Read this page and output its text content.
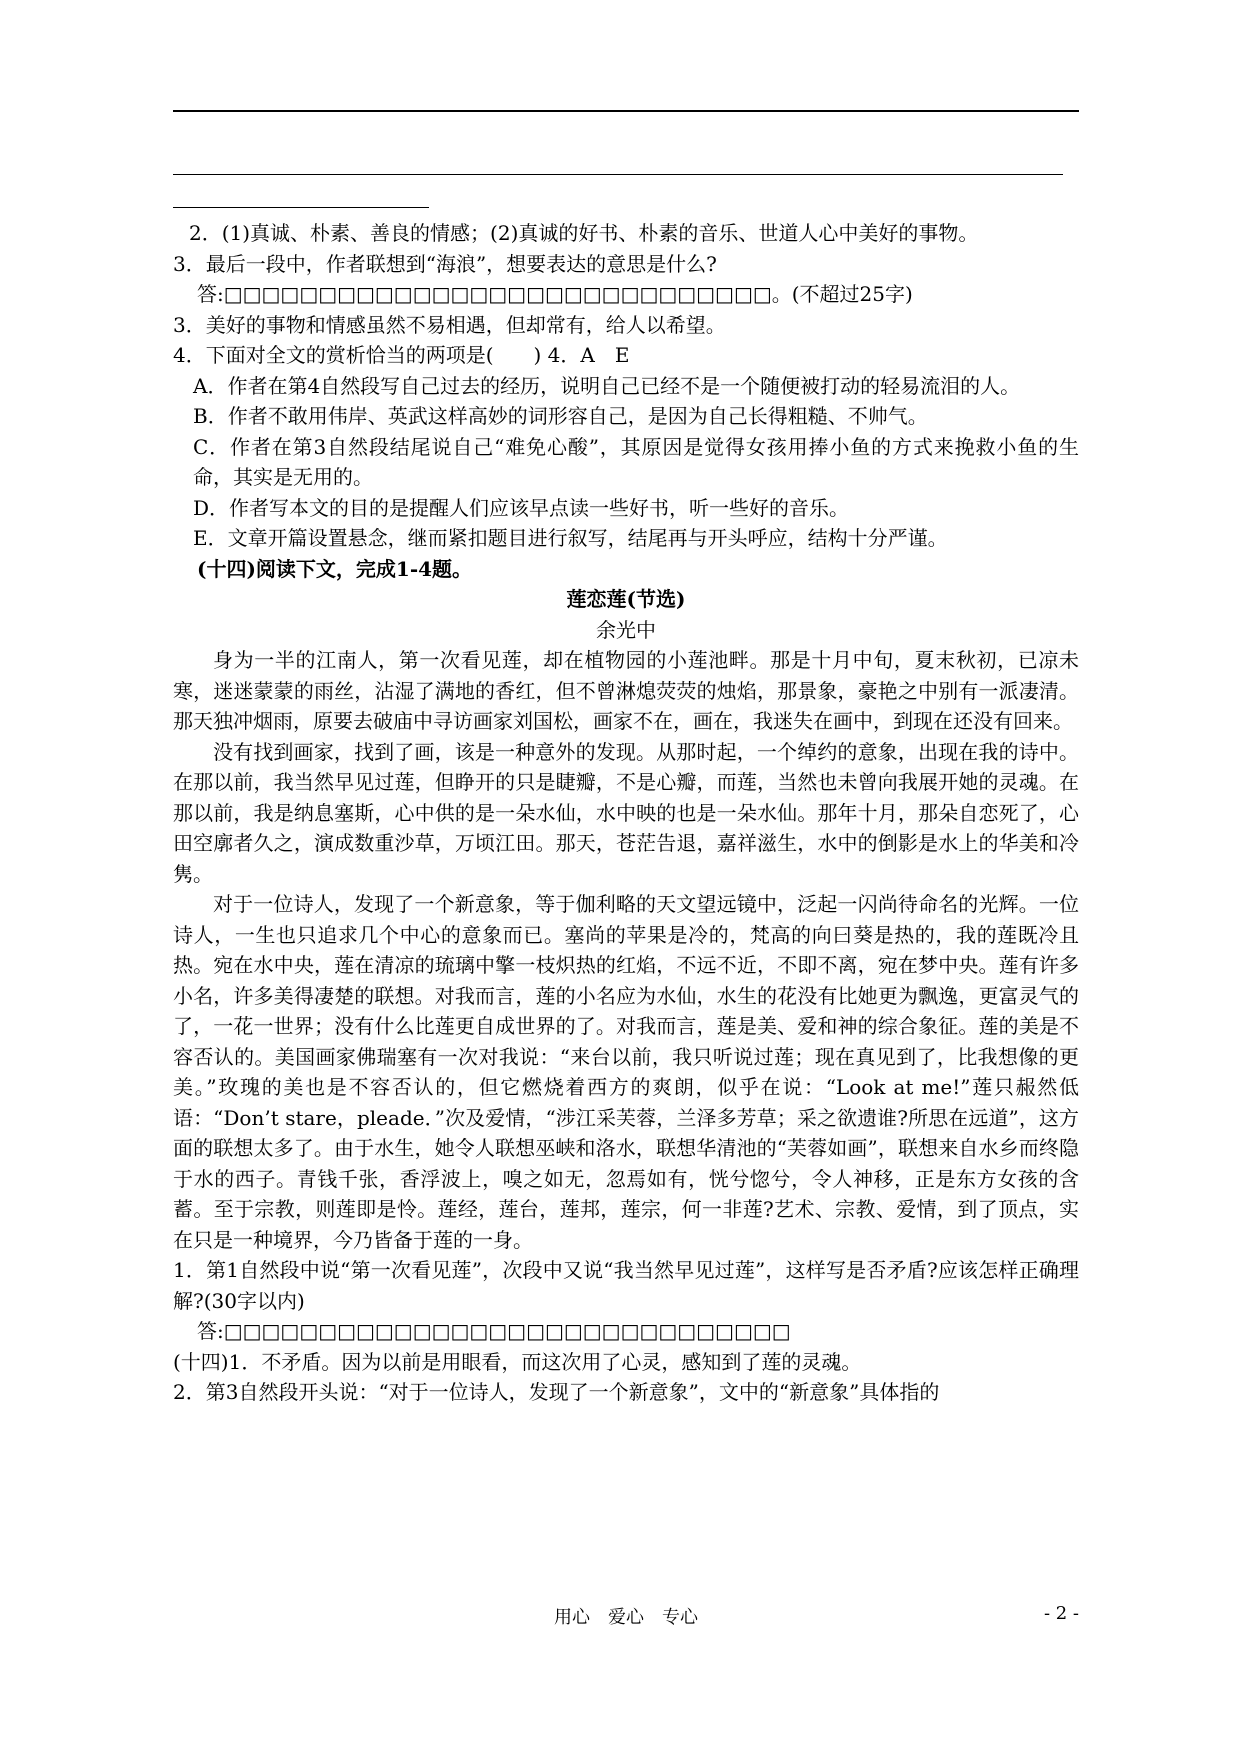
2．(1)真诚、朴素、善良的情感；(2)真诚的好书、朴素的音乐、世道人心中美好的事物。

3．最后一段中，作者联想到“海浪”，想要表达的意思是什么?

答:□□□□□□□□□□□□□□□□□□□□□□□□□□□□□。(不超过25字)

3．美好的事物和情感虽然不易相遇，但却常有，给人以希望。

4．下面对全文的赏析恰当的两项是(　　) 4．A　E

A．作者在第4自然段写自己过去的经历，说明自己已经不是一个随便被打动的轻易流泪的人。

B．作者不敢用伟岸、英武这样高妙的词形容自己，是因为自己长得粗糙、不帅气。

C．作者在第3自然段结尾说自己“难免心酸”，其原因是觉得女孩用捧小鱼的方式来挽救小鱼的生命，其实是无用的。

D．作者写本文的目的是提醒人们应该早点读一些好书，听一些好的音乐。

E．文章开篇设置悬念，继而紧扣题目进行叙写，结尾再与开头呼应，结构十分严谨。

(十四)阅读下文，完成1-4题。

莲恋莲(节选)

余光中

身为一半的江南人，第一次看见莲，却在植物园的小莲池畔。那是十月中旬，夏末秋初，已凉未寒，迷迷蒙蒙的雨丝，沾湿了满地的香红，但不曾淋熄荧荧的烛焰，那景象，豪艳之中别有一派凄清。那天独冲烟雨，原要去破庙中寻访画家刘国松，画家不在，画在，我迷失在画中，到现在还没有回来。

没有找到画家，找到了画，该是一种意外的发现。从那时起，一个绰约的意象，出现在我的诗中。在那以前，我当然早见过莲，但睁开的只是睫瓣，不是心瓣，而莲，当然也未曾向我展开她的灵魂。在那以前，我是纳息塞斯，心中供的是一朵水仙，水中映的也是一朵水仙。那年十月，那朵自恋死了，心田空廓者久之，演成数重沙草，万顷江田。那天，苍茫告退，嘉祥滋生，水中的倒影是水上的华美和冷隽。

对于一位诗人，发现了一个新意象，等于伽利略的天文望远镜中，泛起一闪尚待命名的光辉。一位诗人，一生也只追求几个中心的意象而已。塞尚的苹果是冷的，梵高的向曰葵是热的，我的莲既冷且热。宛在水中央，莲在清凉的琉璃中擎一枝炽热的红焰，不远不近，不即不离，宛在梦中央。莲有许多小名，许多美得凄楚的联想。对我而言，莲的小名应为水仙，水生的花没有比她更为飘逸，更富灵气的了，一花一世界；没有什么比莲更自成世界的了。对我而言，莲是美、爱和神的综合象征。莲的美是不容否认的。美国画家佛瑞塞有一次对我说：“来台以前，我只听说过莲；现在真见到了，比我想像的更美。”玫瑰的美也是不容否认的，但它燃烧着西方的爽朗，似乎在说：“Look at me!”莲只赧然低语：“Don’t stare，pleade．”次及爱情，“涉江采芙蓉，兰泽多芳草；采之欲遗谁?所思在远道”，这方面的联想太多了。由于水生，她令人联想巫峡和洛水，联想华清池的“芙蓉如画”，联想来自水乡而终隐于水的西子。青钱千张，香浮波上，嗅之如无，忽焉如有，恍兮惚兮，令人神移，正是东方女孩的含蓄。至于宗教，则莲即是怜。莲经，莲台，莲邦，莲宗，何一非莲?艺术、宗教、爱情，到了顶点，实在只是一种境界，今乃皆备于莲的一身。

1．第1自然段中说“第一次看见莲”，次段中又说“我当然早见过莲”，这样写是否矛盾?应该怎样正确理解?(30字以内)

答:□□□□□□□□□□□□□□□□□□□□□□□□□□□□□□

(十四)1．不矛盾。因为以前是用眼看，而这次用了心灵，感知到了莲的灵魂。

2．第3自然段开头说：“对于一位诗人，发现了一个新意象”，文中的“新意象”具体指的

用心　爱心　专心	- 2 -
